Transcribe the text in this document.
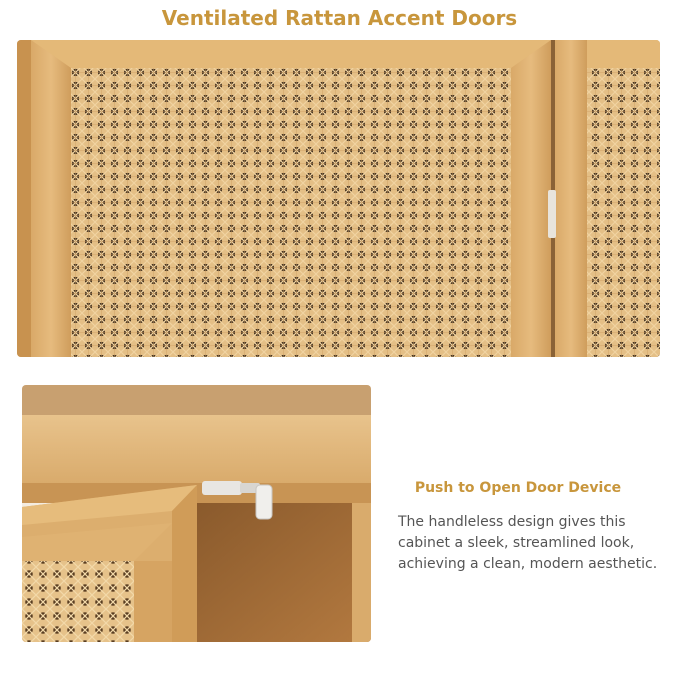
Ventilated Rattan Accent Doors
Push to Open Door Device
The handleless design gives this cabinet a sleek, streamlined look, achieving a clean, modern aesthetic.
